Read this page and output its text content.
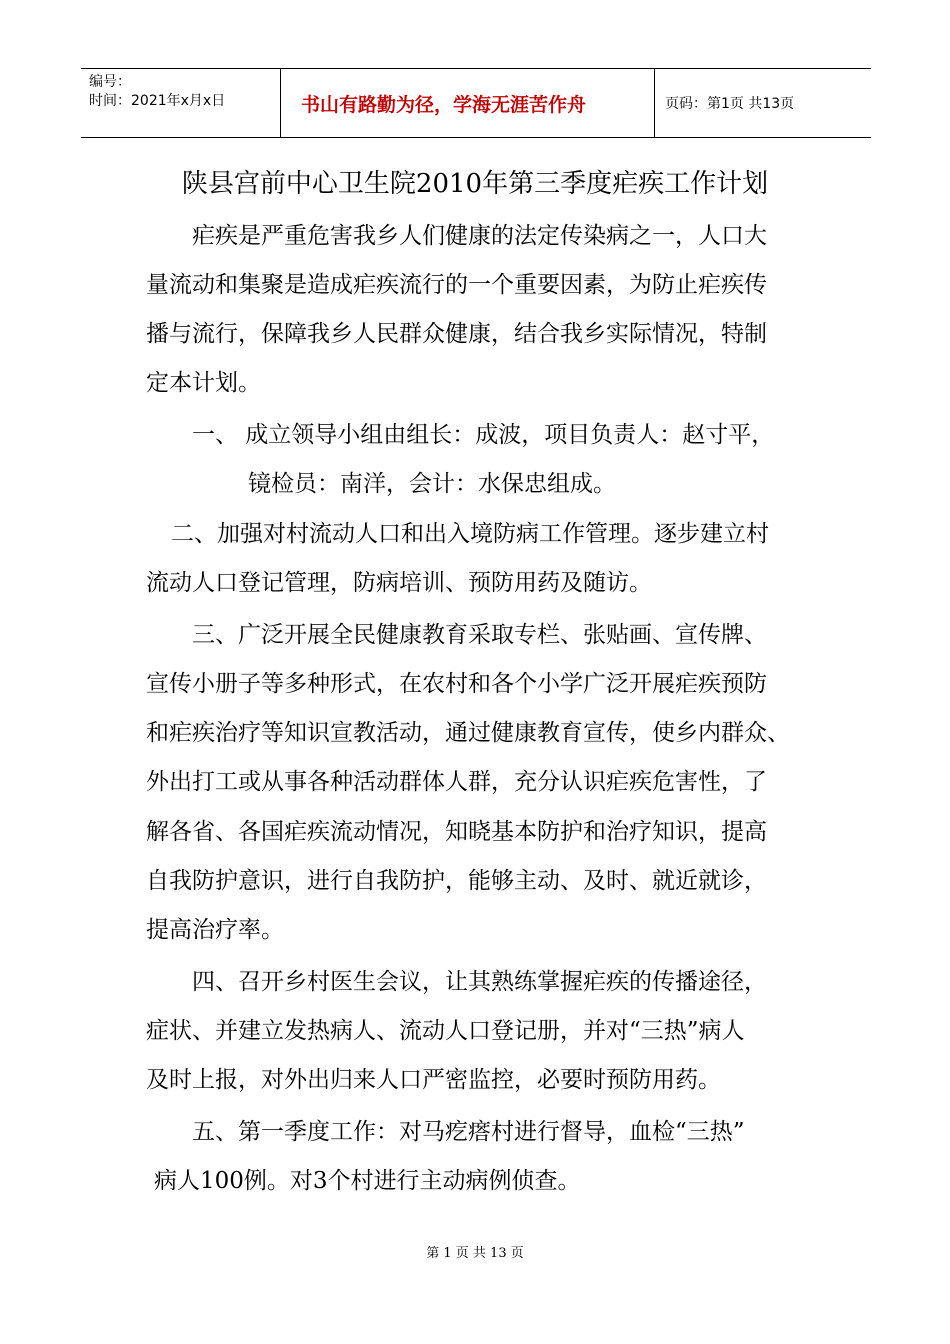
编号：
时间：2021年x月x日	书山有路勤为径，学海无涯苦作舟	页码：第1页 共13页
陕县宫前中心卫生院2010年第三季度疟疾工作计划
疟疾是严重危害我乡人们健康的法定传染病之一，人口大
量流动和集聚是造成疟疾流行的一个重要因素，为防止疟疾传
播与流行，保障我乡人民群众健康，结合我乡实际情况，特制
定本计划。
一、 成立领导小组由组长：成波，项目负责人：赵寸平，
镜检员：南洋，会计：水保忠组成。
二、加强对村流动人口和出入境防病工作管理。逐步建立村
流动人口登记管理，防病培训、预防用药及随访。
三、广泛开展全民健康教育采取专栏、张贴画、宣传牌、
宣传小册子等多种形式，在农村和各个小学广泛开展疟疾预防
和疟疾治疗等知识宣教活动，通过健康教育宣传，使乡内群众、
外出打工或从事各种活动群体人群，充分认识疟疾危害性，了
解各省、各国疟疾流动情况，知晓基本防护和治疗知识，提高
自我防护意识，进行自我防护，能够主动、及时、就近就诊，
提高治疗率。
四、召开乡村医生会议，让其熟练掌握疟疾的传播途径，
症状、并建立发热病人、流动人口登记册，并对“三热”病人
及时上报，对外出归来人口严密监控，必要时预防用药。
五、第一季度工作：对马疙瘩村进行督导，血检“三热”
病人100例。对3个村进行主动病例侦查。
第 1 页 共 13 页
